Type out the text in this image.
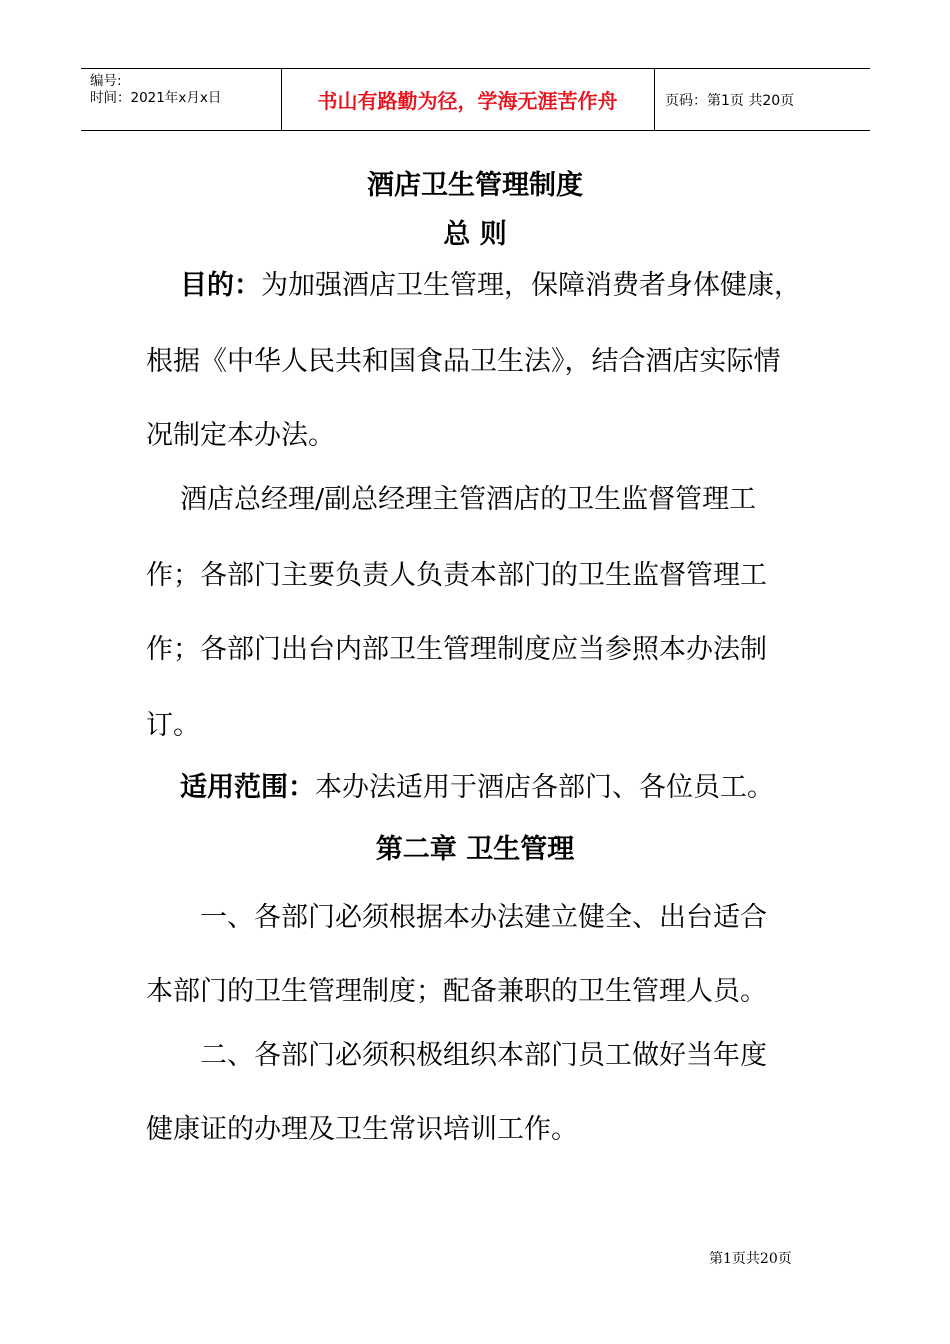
编号:
时间：2021年x月x日	书山有路勤为径，学海无涯苦作舟	页码：第1页 共20页
酒店卫生管理制度
总 则
目的：为加强酒店卫生管理，保障消费者身体健康，
根据《中华人民共和国食品卫生法》，结合酒店实际情
况制定本办法。
酒店总经理/副总经理主管酒店的卫生监督管理工
作；各部门主要负责人负责本部门的卫生监督管理工
作；各部门出台内部卫生管理制度应当参照本办法制
订。
适用范围：本办法适用于酒店各部门、各位员工。
第二章 卫生管理
一、各部门必须根据本办法建立健全、出台适合
本部门的卫生管理制度；配备兼职的卫生管理人员。
二、各部门必须积极组织本部门员工做好当年度
健康证的办理及卫生常识培训工作。
第1页共20页
